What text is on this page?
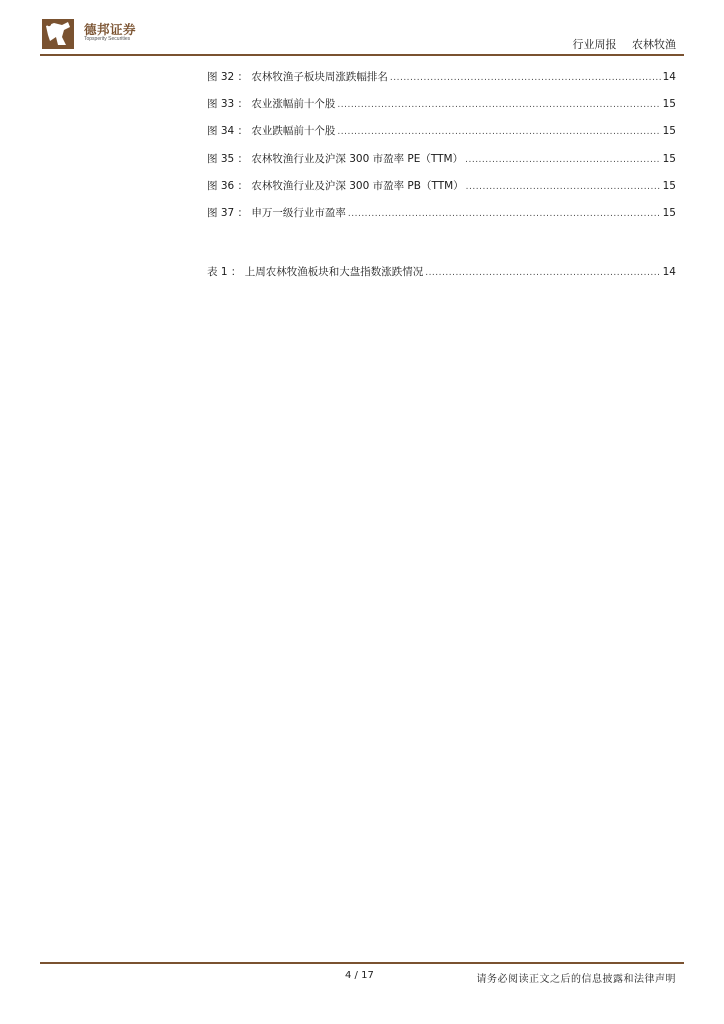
德邦证券
Topsperity Securities	行业周报 农林牧渔
图 32 ： 农林牧渔子板块周涨跌幅排名 .....	14
图 33 ： 农业涨幅前十个股 .....	15
图 34 ： 农业跌幅前十个股 .....	15
图 35 ： 农林牧渔行业及沪深 300 市盈率 PE（TTM） .....	15
图 36 ： 农林牧渔行业及沪深 300 市盈率 PB（TTM） .....	15
图 37 ： 申万一级行业市盈率 .....	15
表 1 ： 上周农林牧渔板块和大盘指数涨跌情况 .....	14
4 / 17	请务必阅读正文之后的信息披露和法律声明
